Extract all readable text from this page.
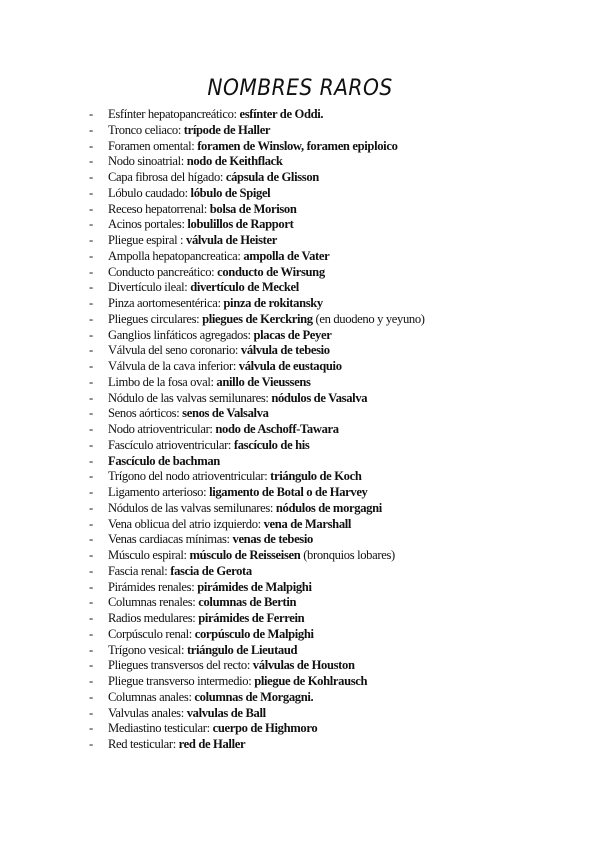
NOMBRES RAROS
- Esfínter hepatopancreático: esfínter de Oddi.
- Tronco celiaco: trípode de Haller
- Foramen omental: foramen de Winslow, foramen epiploico
- Nodo sinoatrial: nodo de Keithflack
- Capa fibrosa del hígado: cápsula de Glisson
- Lóbulo caudado: lóbulo de Spigel
- Receso hepatorrenal: bolsa de Morison
- Acinos portales: lobulillos de Rapport
- Pliegue espiral : válvula de Heister
- Ampolla hepatopancreatica: ampolla de Vater
- Conducto pancreático: conducto de Wirsung
- Divertículo ileal: divertículo de Meckel
- Pinza aortomesentérica: pinza de rokitansky
- Pliegues circulares: pliegues de Kerckring (en duodeno y yeyuno)
- Ganglios linfáticos agregados: placas de Peyer
- Válvula del seno coronario: válvula de tebesio
- Válvula de la cava inferior: válvula de eustaquio
- Limbo de la fosa oval: anillo de Vieussens
- Nódulo de las valvas semilunares: nódulos de Vasalva
- Senos aórticos: senos de Valsalva
- Nodo atrioventricular: nodo de Aschoff-Tawara
- Fascículo atrioventricular: fascículo de his
- Fascículo de bachman
- Trígono del nodo atrioventricular: triángulo de Koch
- Ligamento arterioso: ligamento de Botal o de Harvey
- Nódulos de las valvas semilunares: nódulos de morgagni
- Vena oblicua del atrio izquierdo: vena de Marshall
- Venas cardiacas mínimas: venas de tebesio
- Músculo espiral: músculo de Reisseisen (bronquios lobares)
- Fascia renal: fascia de Gerota
- Pirámides renales: pirámides de Malpighi
- Columnas renales: columnas de Bertin
- Radios medulares: pirámides de Ferrein
- Corpúsculo renal: corpúsculo de Malpighi
- Trígono vesical: triángulo de Lieutaud
- Pliegues transversos del recto: válvulas de Houston
- Pliegue transverso intermedio: pliegue de Kohlrausch
- Columnas anales: columnas de Morgagni.
- Valvulas anales: valvulas de Ball
- Mediastino testicular: cuerpo de Highmoro
- Red testicular: red de Haller
